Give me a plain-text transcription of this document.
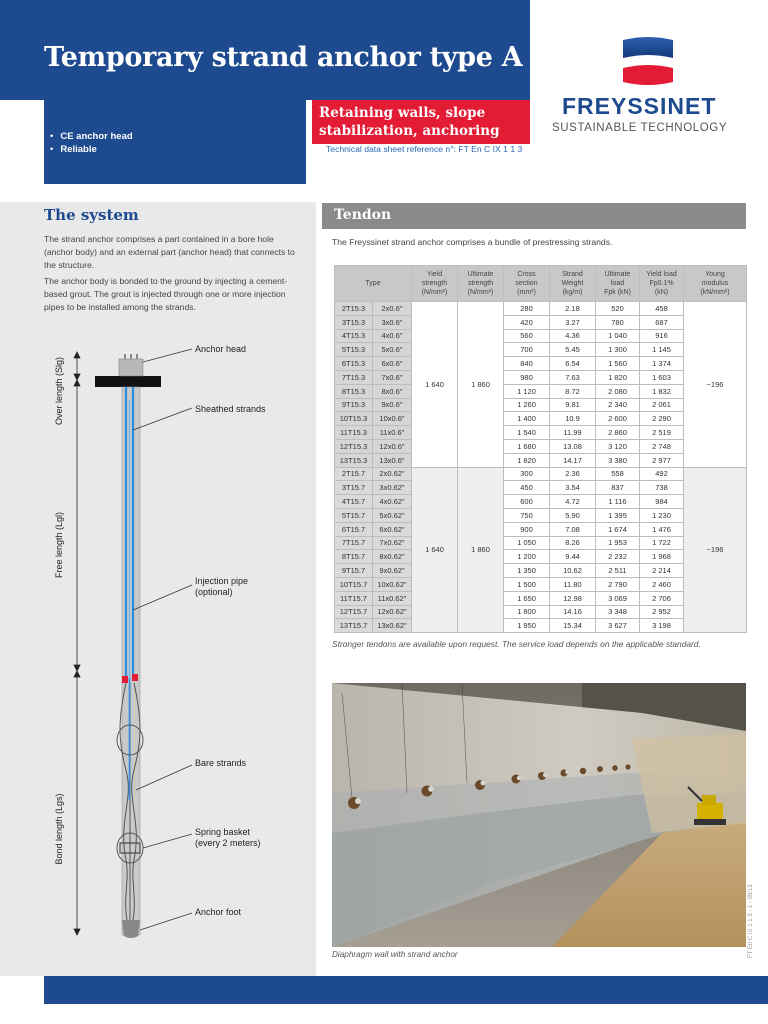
Temporary strand anchor type A
• CE anchor head
• Reliable
Retaining walls, slope
stabilization, anchoring
Technical data sheet reference n°: FT En C IX 1 1 3
FREYSSINET
SUSTAINABLE TECHNOLOGY
The system

The strand anchor comprises a part contained in a bore hole (anchor body) and an external part (anchor head) that connects to the structure.

The anchor body is bonded to the ground by injecting a cement-based grout. The grout is injected through one or more injection pipes to be installed among the strands.

Anchor head
Sheathed strands
Injection pipe
(optional)
Bare strands
Spring basket
(every 2 meters)
Anchor foot
Over length (Slg)
Free length (Lgl)
Bond length (Lgs)
Tendon
The Freyssinet strand anchor comprises a bundle of prestressing strands.
Type		Yield
strength
(N/mm²)	Ultimate
strength
(N/mm²)	Cross
section
(mm²)	Strand
Weight
(kg/m)	Ultimate
load
Fpk (kN)	Yield load
Fp0.1%
(kN)	Young
modulus
(kN/mm²)
2T15.3	2x0.6"	1 640	1 860	280	2.18	520	458	~196
3T15.3	3x0.6"			420	3.27	780	687	
4T15.3	4x0.6"			560	4.36	1 040	916	
5T15.3	5x0.6"			700	5.45	1 300	1 145	
6T15.3	6x0.6"			840	6.54	1 560	1 374	
7T15.3	7x0.6"			980	7.63	1 820	1 603	
8T15.3	8x0.6"			1 120	8.72	2 080	1 832	
9T15.3	9x0.6"			1 260	9.81	2 340	2 061	
10T15.3	10x0.6"			1 400	10.9	2 600	2 290	
11T15.3	11x0.6"			1 540	11.99	2 860	2 519	
12T15.3	12x0.6"			1 680	13.08	3 120	2 748	
13T15.3	13x0.6"			1 820	14.17	3 380	2 977	
2T15.7	2x0.62"	1 640	1 860	300	2.36	558	492	~196
3T15.7	3x0.62"			450	3.54	837	738	
4T15.7	4x0.62"			600	4.72	1 116	984	
5T15.7	5x0.62"			750	5.90	1 395	1 230	
6T15.7	6x0.62"			900	7.08	1 674	1 476	
7T15.7	7x0.62"			1 050	8.26	1 953	1 722	
8T15.7	8x0.62"			1 200	9.44	2 232	1 968	
9T15.7	9x0.62"			1 350	10.62	2 511	2 214	
10T15.7	10x0.62"			1 500	11.80	2 790	2 460	
11T15.7	11x0.62"			1 650	12.98	3 069	2 706	
12T15.7	12x0.62"			1 800	14.16	3 348	2 952	
13T15.7	13x0.62"			1 950	15.34	3 627	3 198	
Stronger tendons are available upon request. The service load depends on the applicable standard.
Diaphragm wall with strand anchor	FT En C IX 1 1 3 - 1 - 09/13
